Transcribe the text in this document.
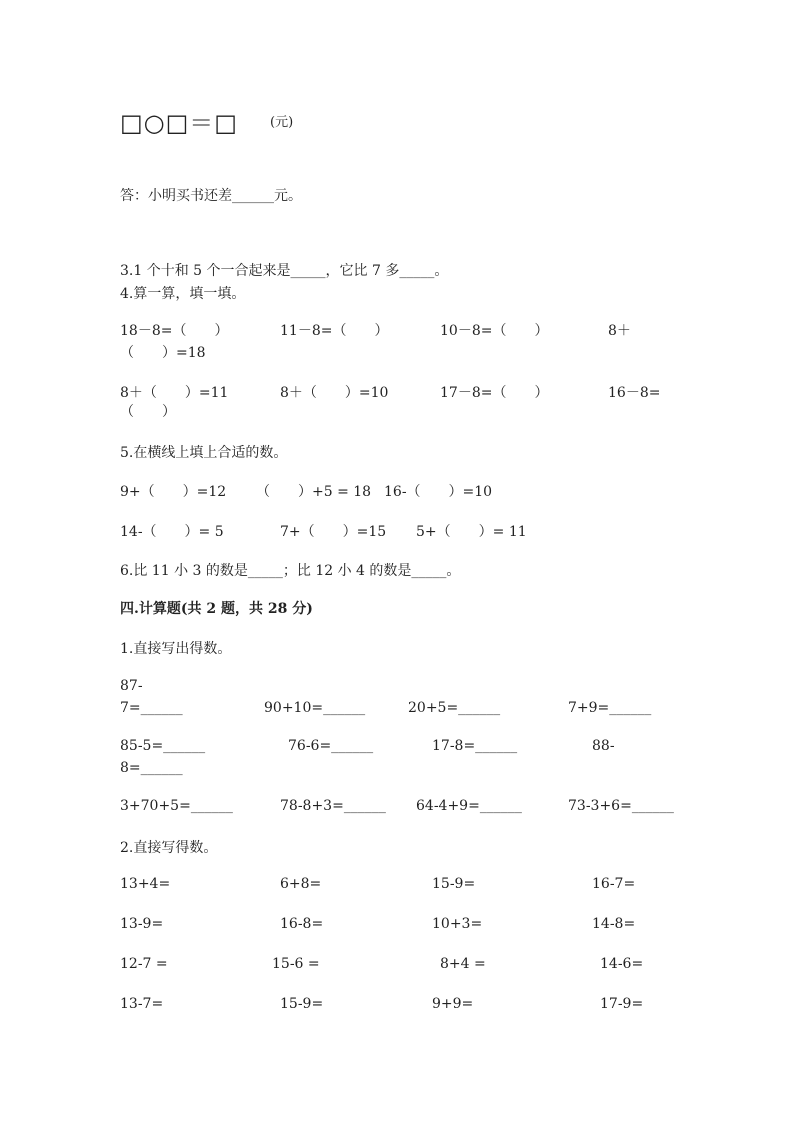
□○□＝□ (元)
答：小明买书还差______元。
3.1 个十和 5 个一合起来是_____，它比 7 多_____。
4.算一算，填一填。
18－8=（　　）	11－8=（　　）	10－8=（　　）	8＋
（　　）=18
8＋（　　）=11	8＋（　　）=10	17－8=（　　）	16－8=
（　　）
5.在横线上填上合适的数。
9+（　　）=12 （　　）+5 = 18 16-（　　）=10
14-（　　）= 5	7+（　　）=15 5+（　　）= 11
6.比 11 小 3 的数是_____；比 12 小 4 的数是_____。
四.计算题(共 2 题，共 28 分)
1.直接写出得数。
87-
7=______	90+10=______	20+5=______	7+9=______
85-5=______	76-6=______	17-8=______	88-
8=______
3+70+5=______	78-8+3=______ 64-4+9=______	73-3+6=______
2.直接写得数。
13+4=	6+8=	15-9=	16-7=
13-9=	16-8=	10+3=	14-8=
12-7 =	15-6 =	8+4 =	14-6=
13-7=	15-9=	9+9=	17-9=
